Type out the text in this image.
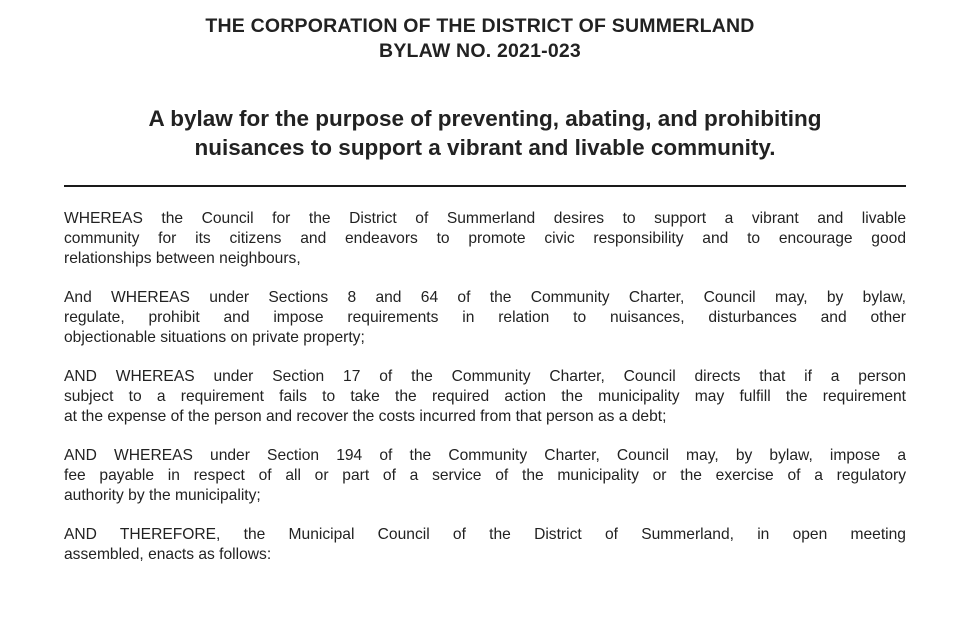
THE CORPORATION OF THE DISTRICT OF SUMMERLAND
BYLAW NO. 2021-023
A bylaw for the purpose of preventing, abating, and prohibiting
nuisances to support a vibrant and livable community.

WHEREAS the Council for the District of Summerland desires to support a vibrant and livable
community for its citizens and endeavors to promote civic responsibility and to encourage good
relationships between neighbours,

And WHEREAS under Sections 8 and 64 of the Community Charter, Council may, by bylaw,
regulate, prohibit and impose requirements in relation to nuisances, disturbances and other
objectionable situations on private property;

AND WHEREAS under Section 17 of the Community Charter, Council directs that if a person
subject to a requirement fails to take the required action the municipality may fulfill the requirement
at the expense of the person and recover the costs incurred from that person as a debt;

AND WHEREAS under Section 194 of the Community Charter, Council may, by bylaw, impose a
fee payable in respect of all or part of a service of the municipality or the exercise of a regulatory
authority by the municipality;

AND THEREFORE, the Municipal Council of the District of Summerland, in open meeting
assembled, enacts as follows:
